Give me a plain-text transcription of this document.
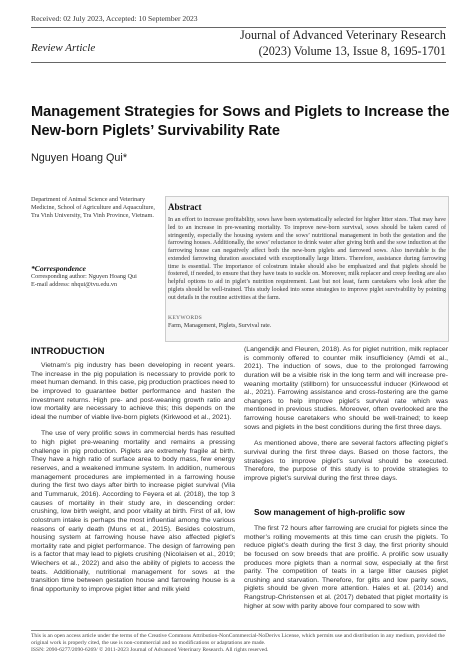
Received: 02 July 2023, Accepted: 10 September 2023
Journal of Advanced Veterinary Research
(2023) Volume 13, Issue 8, 1695-1701
Review Article
Management Strategies for Sows and Piglets to Increase the New-born Piglets’ Survivability Rate
Nguyen Hoang Qui*
Department of Animal Science and Veterinary Medicine, School of Agriculture and Aquaculture, Tra Vinh University, Tra Vinh Province, Vietnam.
*Correspondence
Corresponding author: Nguyen Hoang Qui
E-mail address: nhqui@tvu.edu.vn
Abstract
In an effort to increase profitability, sows have been systematically selected for higher litter sizes. That may have led to an increase in pre-weaning mortality. To improve new-born survival, sows should be taken cared of stringently, especially the housing system and the sows’ nutritional management in both the gestation and the farrowing houses. Additionally, the sows’ reluctance to drink water after giving birth and the sow induction at the farrowing house can negatively affect both the new-born piglets and farrowed sows. Also inevitable is the extended farrowing duration associated with exceptionally large litters. Therefore, assistance during farrowing time is essential. The importance of colostrum intake should also be emphasized and that piglets should be fostered, if needed, to ensure that they have teats to suckle on. Moreover, milk replacer and creep feeding are also helpful options to aid in piglet’s nutrition requirement. Last but not least, farm caretakers who look after the piglets should be well-trained. This study looked into some strategies to improve piglet survivability by pointing out details in the routine activities at the farm.
KEYWORDS
Farm, Management, Piglets, Survival rate.
INTRODUCTION

Vietnam’s pig industry has been developing in recent years. The increase in the pig population is necessary to provide pork to meet human demand. In this case, pig production practices need to be improved to guarantee better performance and hasten the investment returns. High pre- and post-weaning growth ratio and low mortality are necessary to achieve this; this depends on the ideal the number of viable live-born piglets (Kirkwood et al., 2021).

The use of very prolific sows in commercial herds has resulted to high piglet pre-weaning mortality and remains a pressing challenge in pig production. Piglets are extremely fragile at birth. They have a high ratio of surface area to body mass, few energy reserves, and a weakened immune system. In addition, numerous management procedures are implemented in a farrowing house during the first two days after birth to increase piglet survival (Vila and Tummaruk, 2016). According to Feyera et al. (2018), the top 3 causes of mortality in their study are, in descending order: crushing, low birth weight, and poor vitality at birth. First of all, low colostrum intake is perhaps the most influential among the various reasons of early death (Muns et al., 2015). Besides colostrum, housing system at farrowing house have also affected piglet’s mortality rate and piglet performance. The design of farrowing pen is a factor that may lead to piglets crushing (Nicolaisen et al., 2019; Wiechers et al., 2022) and also the ability of piglets to access the teats. Additionally, nutritional management for sows at the transition time between gestation house and farrowing house is a final opportunity to improve piglet litter and milk yield

(Langendijk and Fleuren, 2018). As for piglet nutrition, milk replacer is commonly offered to counter milk insufficiency (Amdi et al., 2021). The induction of sows, due to the prolonged farrowing duration will be a visible risk in the long term and will increase pre-weaning mortality (stillborn) for unsuccessful inducer (Kirkwood et al., 2021). Farrowing assistance and cross-fostering are the game changers to help improve piglet’s survival rate which was mentioned in previous studies. Moreover, often overlooked are the farrowing house caretakers who should be well-trained; to keep sows and piglets in the best conditions during the first three days.

As mentioned above, there are several factors affecting piglet’s survival during the first three days. Based on those factors, the strategies to improve piglet’s survival should be executed. Therefore, the purpose of this study is to provide strategies to improve piglet’s survival during the first three days.

Sow management of high-prolific sow

The first 72 hours after farrowing are crucial for piglets since the mother’s rolling movements at this time can crush the piglets. To reduce piglet’s death during the first 3 day, the first priority should be focused on sow breeds that are prolific. A prolific sow usually produces more piglets than a normal sow, especially at the first parity. The competition of teats in a large litter causes piglet crushing and starvation. Therefore, for gilts and low parity sows, piglets should be given more attention. Hales et al. (2014) and Rangstrup-Christensen et al. (2017) debated that piglet mortality is higher at sow with parity above four compared to sow with

This is an open access article under the terms of the Creative Commons Attribution-NonCommercial-NoDerivs License, which permits use and distribution in any medium, provided the original work is properly cited, the use is non-commercial and no modifications or adaptations are made.
ISSN: 2090-6277/2090-6269/ © 2011-2023 Journal of Advanced Veterinary Research. All rights reserved.
